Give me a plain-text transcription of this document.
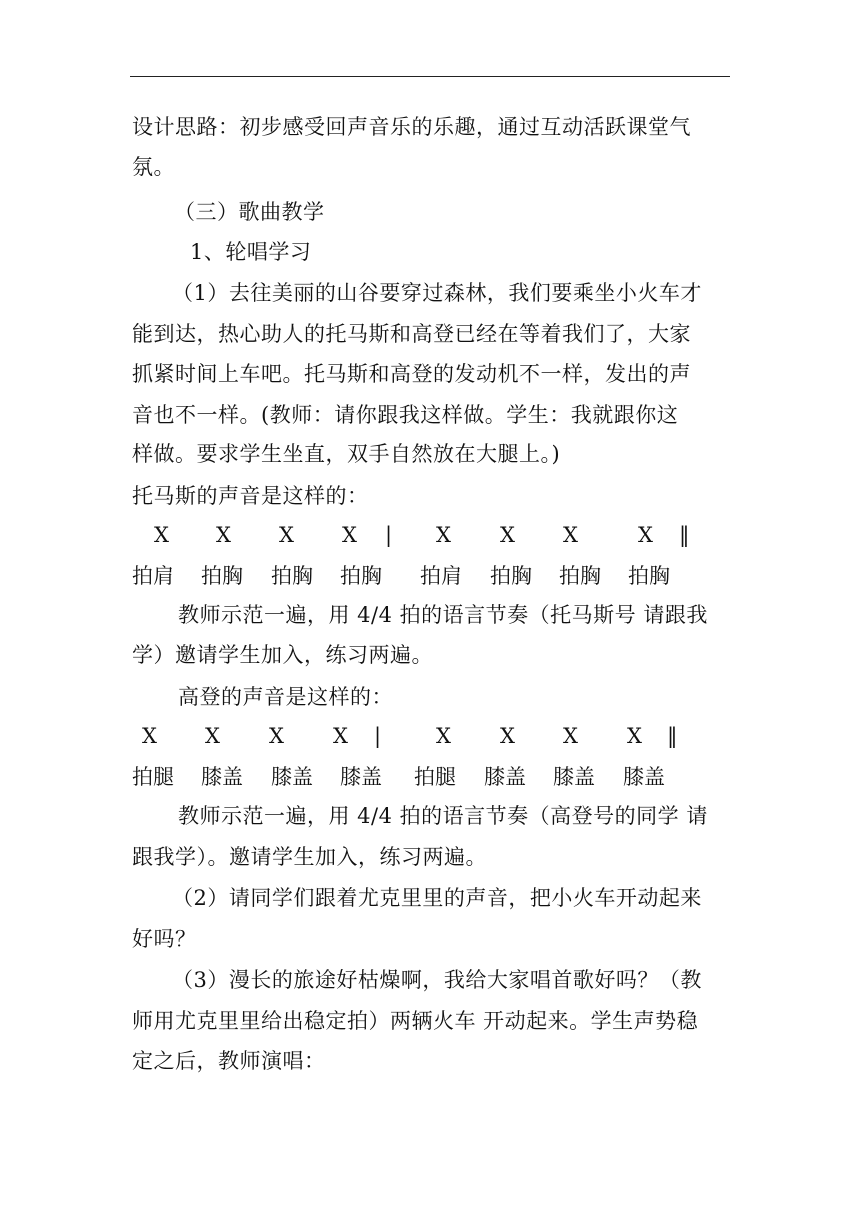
设计思路：初步感受回声音乐的乐趣，通过互动活跃课堂气
氛。
（三）歌曲教学
1、轮唱学习
（1）去往美丽的山谷要穿过森林，我们要乘坐小火车才
能到达，热心助人的托马斯和高登已经在等着我们了，大家
抓紧时间上车吧。托马斯和高登的发动机不一样，发出的声
音也不一样。(教师：请你跟我这样做。学生：我就跟你这
样做。要求学生坐直，双手自然放在大腿上。)
托马斯的声音是这样的：
X X X X | X X X	X ‖
拍肩 拍胸 拍胸 拍胸 拍肩 拍胸 拍胸 拍胸
教师示范一遍，用 4/4 拍的语言节奏（托马斯号 请跟我
学）邀请学生加入，练习两遍。
高登的声音是这样的：
X X X X |	X X X X ‖
拍腿 膝盖 膝盖 膝盖 拍腿 膝盖 膝盖 膝盖
教师示范一遍，用 4/4 拍的语言节奏（高登号的同学 请
跟我学）。邀请学生加入，练习两遍。
（2）请同学们跟着尤克里里的声音，把小火车开动起来
好吗？
（3）漫长的旅途好枯燥啊，我给大家唱首歌好吗？（教
师用尤克里里给出稳定拍）两辆火车 开动起来。学生声势稳
定之后，教师演唱：
